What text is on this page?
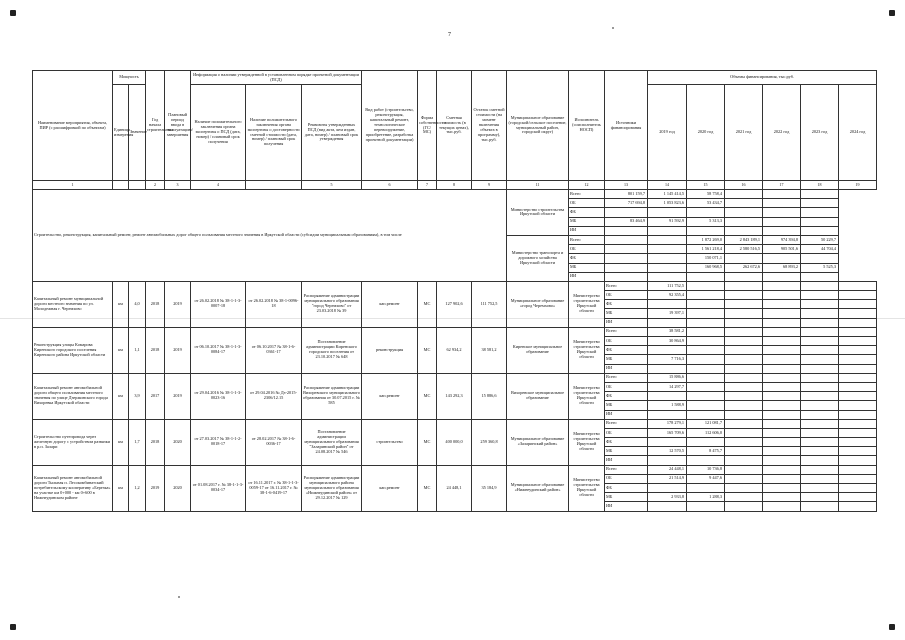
7
Наименование мероприятия, объекта, ПИР (с расшифровкой по объектам)	Мощность		Год начала строительства	Плановый период ввода в эксплуатацию/завершения	Информация о наличии утвержденной в установленном порядке проектной документации (ПСД)			Вид работ (строительство, реконструкция, капитальный ремонт, технологическое перевооружение, приобретение, разработка проектной документации)	Форма собственности (ГС/МС)	Сметная стоимость (в текущих ценах), тыс.руб.	Остаток сметной стоимости (на момент включения объекта в программу), тыс.руб.	Муниципальное образование (городской/сельское поселение, муниципальный район, городской округ)	Исполнитель (соисполнитель НОСП)	Источники финансирования	Объемы финансирования, тыс.руб.					
	Единица измерения	Значение			Наличие положительного заключения органа экспертизы о ПСД (дата, номер) / плановый срок получения	Наличие положительного заключения органа экспертизы о достоверности сметной стоимости (дата, номер) / плановый срок получения	Реквизиты утвержденных ПСД (вид акта, кем издан, дата, номер) / плановый срок утверждения								2019 год	2020 год	2021 год	2022 год	2023 год	2024 год
1			2	3	4		5	6	7	8	9	11	12	13	14	15	16	17	18	19
Строительство, реконструкция, капитальный ремонт, ремонт автомобильных дорог общего пользования местного значения в Иркутской области (субсидии муниципальным образованиям), в том числе												Министерство строительства Иркутской области	Всего	801 159,7	1 145 414,5	58 758,4				
													ОБ	717 694,8	1 053 823,6	53 434,7				
													ФБ							
													МБ	83 464,9	91 592,9	5 313,3				
													ИИ							
												Министерство транспорта и дорожного хозяйства Иркутской области	Всего			1 872 269,0	2 843 189,1	974 394,8	50 229,7	
													ОБ			1 561 218,4	2 580 516,5	905 501,6	44 704,4	
													ФБ			150 071,1				
													МБ			160 968,5	262 672,6	68 893,2	5 525,3	
													ИИ							
Капитальный ремонт муниципальной дороги местного значения по ул. Молодежная г. Черемхово	км	4,0	2018	2019	от 26.02.2018 № 38-1-1-3-0007-18	от 26.02.2018 № 38-1-0096-18	Распоряжение администрации муниципального образования "город Черемхово" от 23.03.2018 № 39	кап.ремонт	МС	127 902,6	111 752,5	Муниципальное образование «город Черемхово»	Министерство строительства Иркутской области	Всего	111 752,5					
														ОБ	92 355,4					
														ФБ						
														МБ	19 397,1					
														ИИ						
Реконструкция улицы Комарова Киренского городского поселения Киренского района Иркутской области	км	1,1	2018	2019	от 06.10.2017 № 38-1-1-3-0084-17	от 06.10.2017 № 38-1-6-0361-17	Постановление администрации Киренского городского поселения от 23.10.2017 № 648	реконструкция	МС	62 934,2	38 581,2	Киренское муниципальное образование	Министерство строительства Иркутской области	Всего	38 581,2					
														ОБ	30 864,9					
														ФБ						
														МБ	7 716,3					
														ИИ						
Капитальный ремонт автомобильной дороги общего пользования местного значения по улице Дзержинского города Вихоревка Иркутской области	км	3,9	2017	2019	от 29.04.2016 № 38-1-1-3-0023-16	от 29.04.2016 № Дз-2015-2306/12.15	Распоряжение администрации Вихоревского муниципального образования от 30.07.2015 г. № 585	кап.ремонт	МС	143 292,3	15 886,6	Вихоревское муниципальное образование	Министерство строительства Иркутской области	Всего	15 886,6					
														ОБ	14 297,7					
														ФБ						
														МБ	1 588,9					
														ИИ						
Строительство путепровода через железную дорогу с устройством развязки в р.п. Залари	км	1,7	2018	2020	от 27.03.2017 № 38-1-1-2-0018-17	от 28.02.2017 № 38-1-6-0036-17	Постановление администрации муниципального образования "Заларинский район" от 24.08.2017 № 546	строительство	МС	400 000,0	259 360,8	Муниципальное образование «Заларинский район»	Министерство строительства Иркутской области	Всего	178 279,1	121 081,7				
														ОБ	165 709,6	112 606,0				
														ФБ						
														МБ	12 570,5	8 475,7				
														ИИ						
Капитальный ремонт автомобильной дороги Тыльная п. Лесокомбинатский потребительскому кооперативу «Березка» на участке км 0+000 - км 0+600 в Нижнеудинском районе	км	1,2	2019	2020	от 01.08.2017 г. № 38-1-1-3-0034-17	от 16.11.2017 г. № 38-1-1-3-0059-17 от 16.11.2017 г. № 38-1-6-0419-17	Распоряжение администрации муниципального района муниципального образования «Нижнеудинский район» от 29.12.2017 № 129	кап.ремонт	МС	24 448,1	35 184,9	Муниципальное образование «Нижнеудинский район»	Министерство строительства Иркутской области	Всего	24 448,1	10 736,8				
														ОБ	21 514,9	9 447,6				
														ФБ						
														МБ	2 933,8	1 288,3				
														ИИ						
